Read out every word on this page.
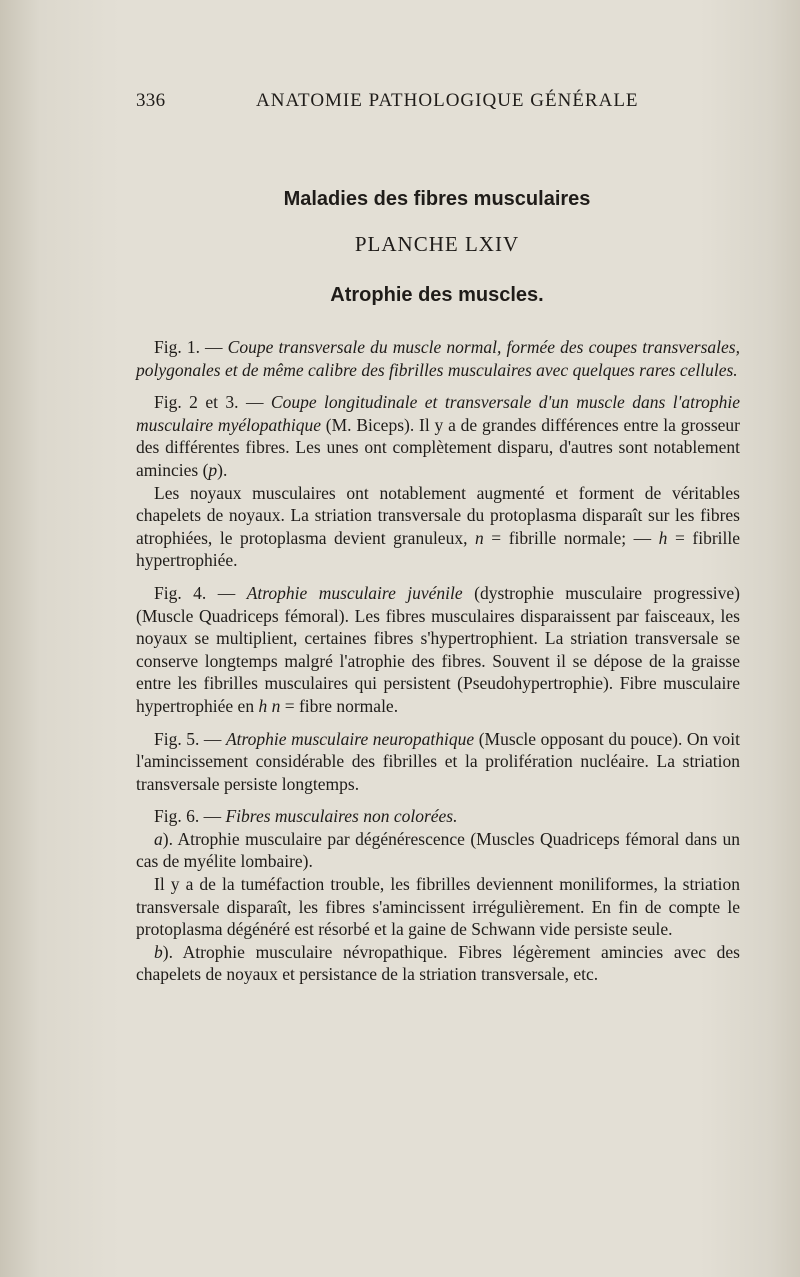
336	ANATOMIE PATHOLOGIQUE GÉNÉRALE
Maladies des fibres musculaires
PLANCHE LXIV
Atrophie des muscles.

Fig. 1. — Coupe transversale du muscle normal, formée des coupes transversales, polygonales et de même calibre des fibrilles musculaires avec quelques rares cellules.

Fig. 2 et 3. — Coupe longitudinale et transversale d'un muscle dans l'atrophie musculaire myélopathique (M. Biceps). Il y a de grandes différences entre la grosseur des différentes fibres. Les unes ont complètement disparu, d'autres sont notablement amincies (p).

Les noyaux musculaires ont notablement augmenté et forment de véritables chapelets de noyaux. La striation transversale du protoplasma disparaît sur les fibres atrophiées, le protoplasma devient granuleux, n = fibrille normale; — h = fibrille hypertrophiée.

Fig. 4. — Atrophie musculaire juvénile (dystrophie musculaire progressive) (Muscle Quadriceps fémoral). Les fibres musculaires disparaissent par faisceaux, les noyaux se multiplient, certaines fibres s'hypertrophient. La striation transversale se conserve longtemps malgré l'atrophie des fibres. Souvent il se dépose de la graisse entre les fibrilles musculaires qui persistent (Pseudohypertrophie). Fibre musculaire hypertrophiée en h n = fibre normale.

Fig. 5. — Atrophie musculaire neuropathique (Muscle opposant du pouce). On voit l'amincissement considérable des fibrilles et la prolifération nucléaire. La striation transversale persiste longtemps.

Fig. 6. — Fibres musculaires non colorées.

a). Atrophie musculaire par dégénérescence (Muscles Quadriceps fémoral dans un cas de myélite lombaire).

Il y a de la tuméfaction trouble, les fibrilles deviennent moniliformes, la striation transversale disparaît, les fibres s'amincissent irrégulièrement. En fin de compte le protoplasma dégénéré est résorbé et la gaine de Schwann vide persiste seule.

b). Atrophie musculaire névropathique. Fibres légèrement amincies avec des chapelets de noyaux et persistance de la striation transversale, etc.
